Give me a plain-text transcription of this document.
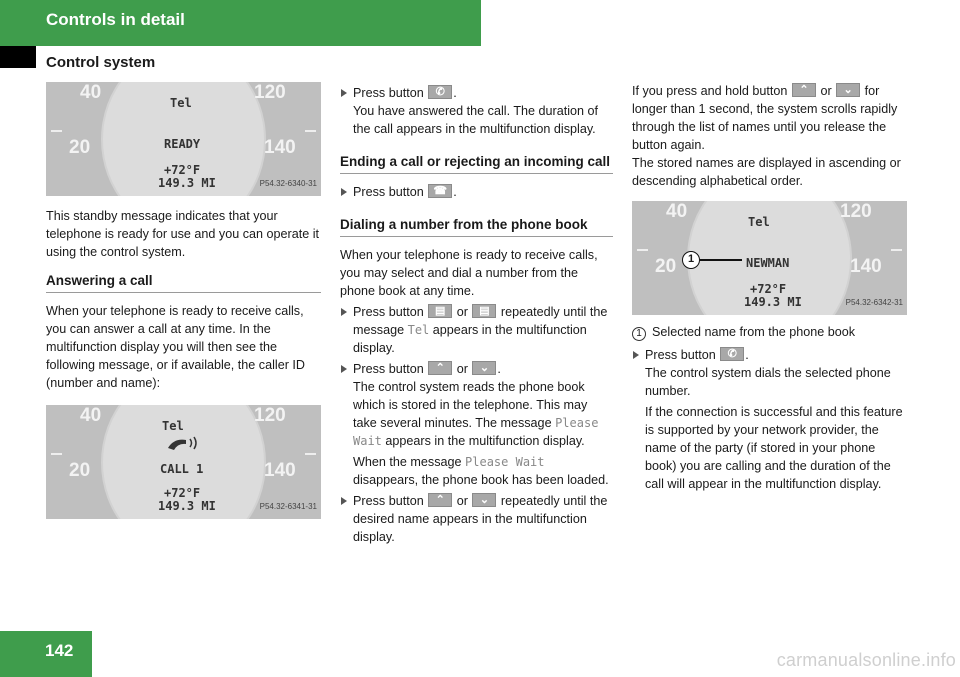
Controls in detail
Control system
40
20
120
140
Tel
READY
+72°F
149.3 MI	P54.32-6340-31

This standby message indicates that your telephone is ready for use and you can operate it using the control system.

Answering a call

When your telephone is ready to receive calls, you can answer a call at any time. In the multifunction display you will then see the following message, or if available, the caller ID (number and name):

40
20
120
140
Tel
CALL 1
+72°F
149.3 MI	P54.32-6341-31
Press button	✆ .
You have answered the call. The duration of the call appears in the multifunction display.
Ending a call or rejecting an incoming call
Press button ☎ .
Dialing a number from the phone book

When your telephone is ready to receive calls, you may select and dial a number from the phone book at any time.

Press button	▤ or	▤ repeatedly until the message Tel appears in the multifunction display.
Press button	⌃ or	⌄ .
The control system reads the phone book which is stored in the telephone. This may take several minutes. The message Please Wait appears in the multifunction display.

When the message Please Wait disappears, the phone book has been loaded.

Press button	⌃ or	⌄ repeatedly until the desired name appears in the multifunction display.

If you press and hold button	⌃ or	⌄ for longer than 1 second, the system scrolls rapidly through the list of names until you release the button again.

The stored names are displayed in ascending or descending alphabetical order.

40
20
120
140
Tel
1	NEWMAN
+72°F
149.3 MI	P54.32-6342-31

1 Selected name from the phone book

Press button	✆ .
The control system dials the selected phone number.

If the connection is successful and this feature is supported by your network provider, the name of the party (if stored in your phone book) you are calling and the duration of the call will appear in the multifunction display.

142	carmanualsonline.info
